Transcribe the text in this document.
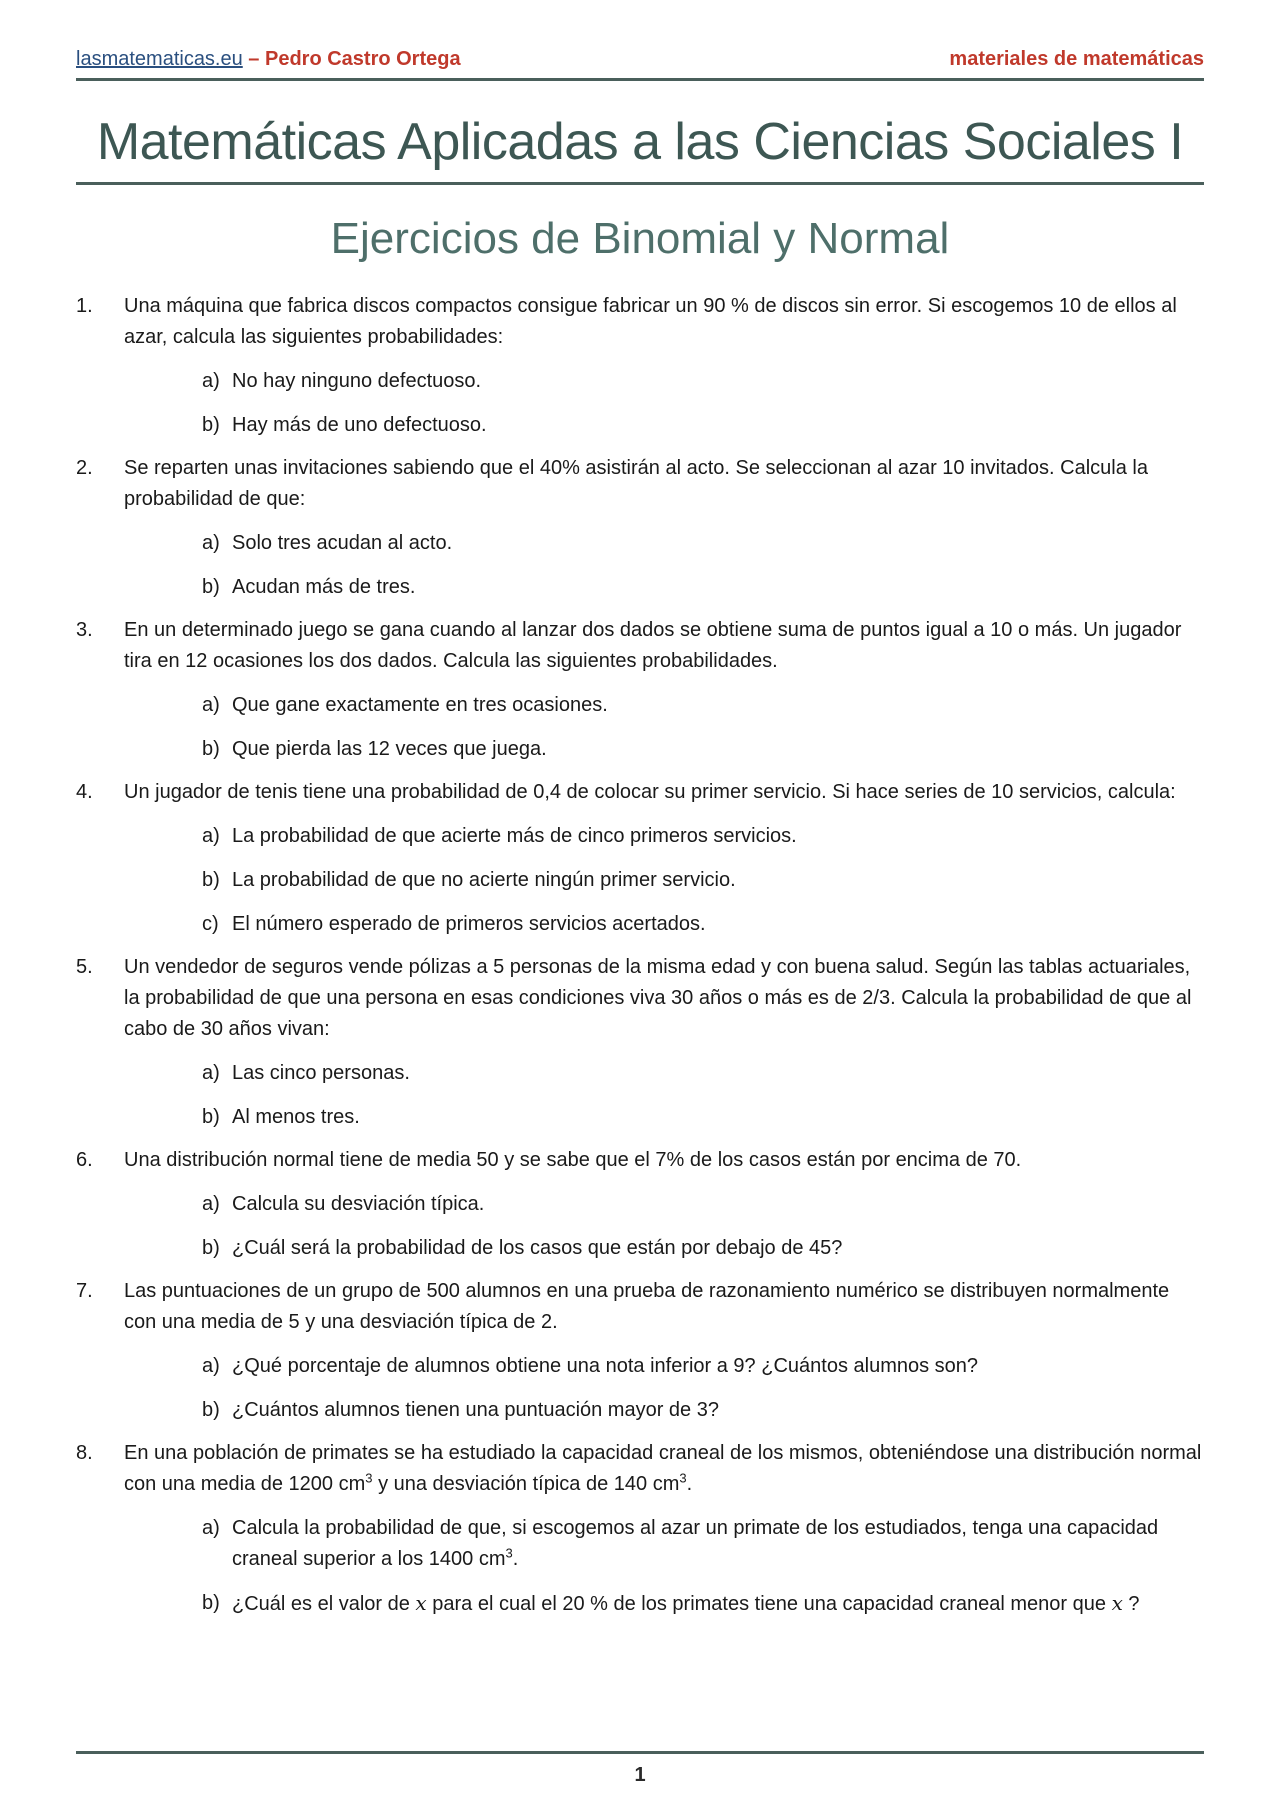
lasmatematicas.eu – Pedro Castro Ortega	materiales de matemáticas
Matemáticas Aplicadas a las Ciencias Sociales I
Ejercicios de Binomial y Normal
1. Una máquina que fabrica discos compactos consigue fabricar un 90 % de discos sin error. Si escogemos 10 de ellos al azar, calcula las siguientes probabilidades:
a) No hay ninguno defectuoso.
b) Hay más de uno defectuoso.
2. Se reparten unas invitaciones sabiendo que el 40% asistirán al acto. Se seleccionan al azar 10 invitados. Calcula la probabilidad de que:
a) Solo tres acudan al acto.
b) Acudan más de tres.
3. En un determinado juego se gana cuando al lanzar dos dados se obtiene suma de puntos igual a 10 o más. Un jugador tira en 12 ocasiones los dos dados. Calcula las siguientes probabilidades.
a) Que gane exactamente en tres ocasiones.
b) Que pierda las 12 veces que juega.
4. Un jugador de tenis tiene una probabilidad de 0,4 de colocar su primer servicio. Si hace series de 10 servicios, calcula:
a) La probabilidad de que acierte más de cinco primeros servicios.
b) La probabilidad de que no acierte ningún primer servicio.
c) El número esperado de primeros servicios acertados.
5. Un vendedor de seguros vende pólizas a 5 personas de la misma edad y con buena salud. Según las tablas actuariales, la probabilidad de que una persona en esas condiciones viva 30 años o más es de 2/3. Calcula la probabilidad de que al cabo de 30 años vivan:
a) Las cinco personas.
b) Al menos tres.
6. Una distribución normal tiene de media 50 y se sabe que el 7% de los casos están por encima de 70.
a) Calcula su desviación típica.
b) ¿Cuál será la probabilidad de los casos que están por debajo de 45?
7. Las puntuaciones de un grupo de 500 alumnos en una prueba de razonamiento numérico se distribuyen normalmente con una media de 5 y una desviación típica de 2.
a) ¿Qué porcentaje de alumnos obtiene una nota inferior a 9? ¿Cuántos alumnos son?
b) ¿Cuántos alumnos tienen una puntuación mayor de 3?
8. En una población de primates se ha estudiado la capacidad craneal de los mismos, obteniéndose una distribución normal con una media de 1200 $cm^3$ y una desviación típica de 140 $cm^3$.
a) Calcula la probabilidad de que, si escogemos al azar un primate de los estudiados, tenga una capacidad craneal superior a los 1400 $cm^3$.
b) ¿Cuál es el valor de x para el cual el 20 % de los primates tiene una capacidad craneal menor que x ?
1
